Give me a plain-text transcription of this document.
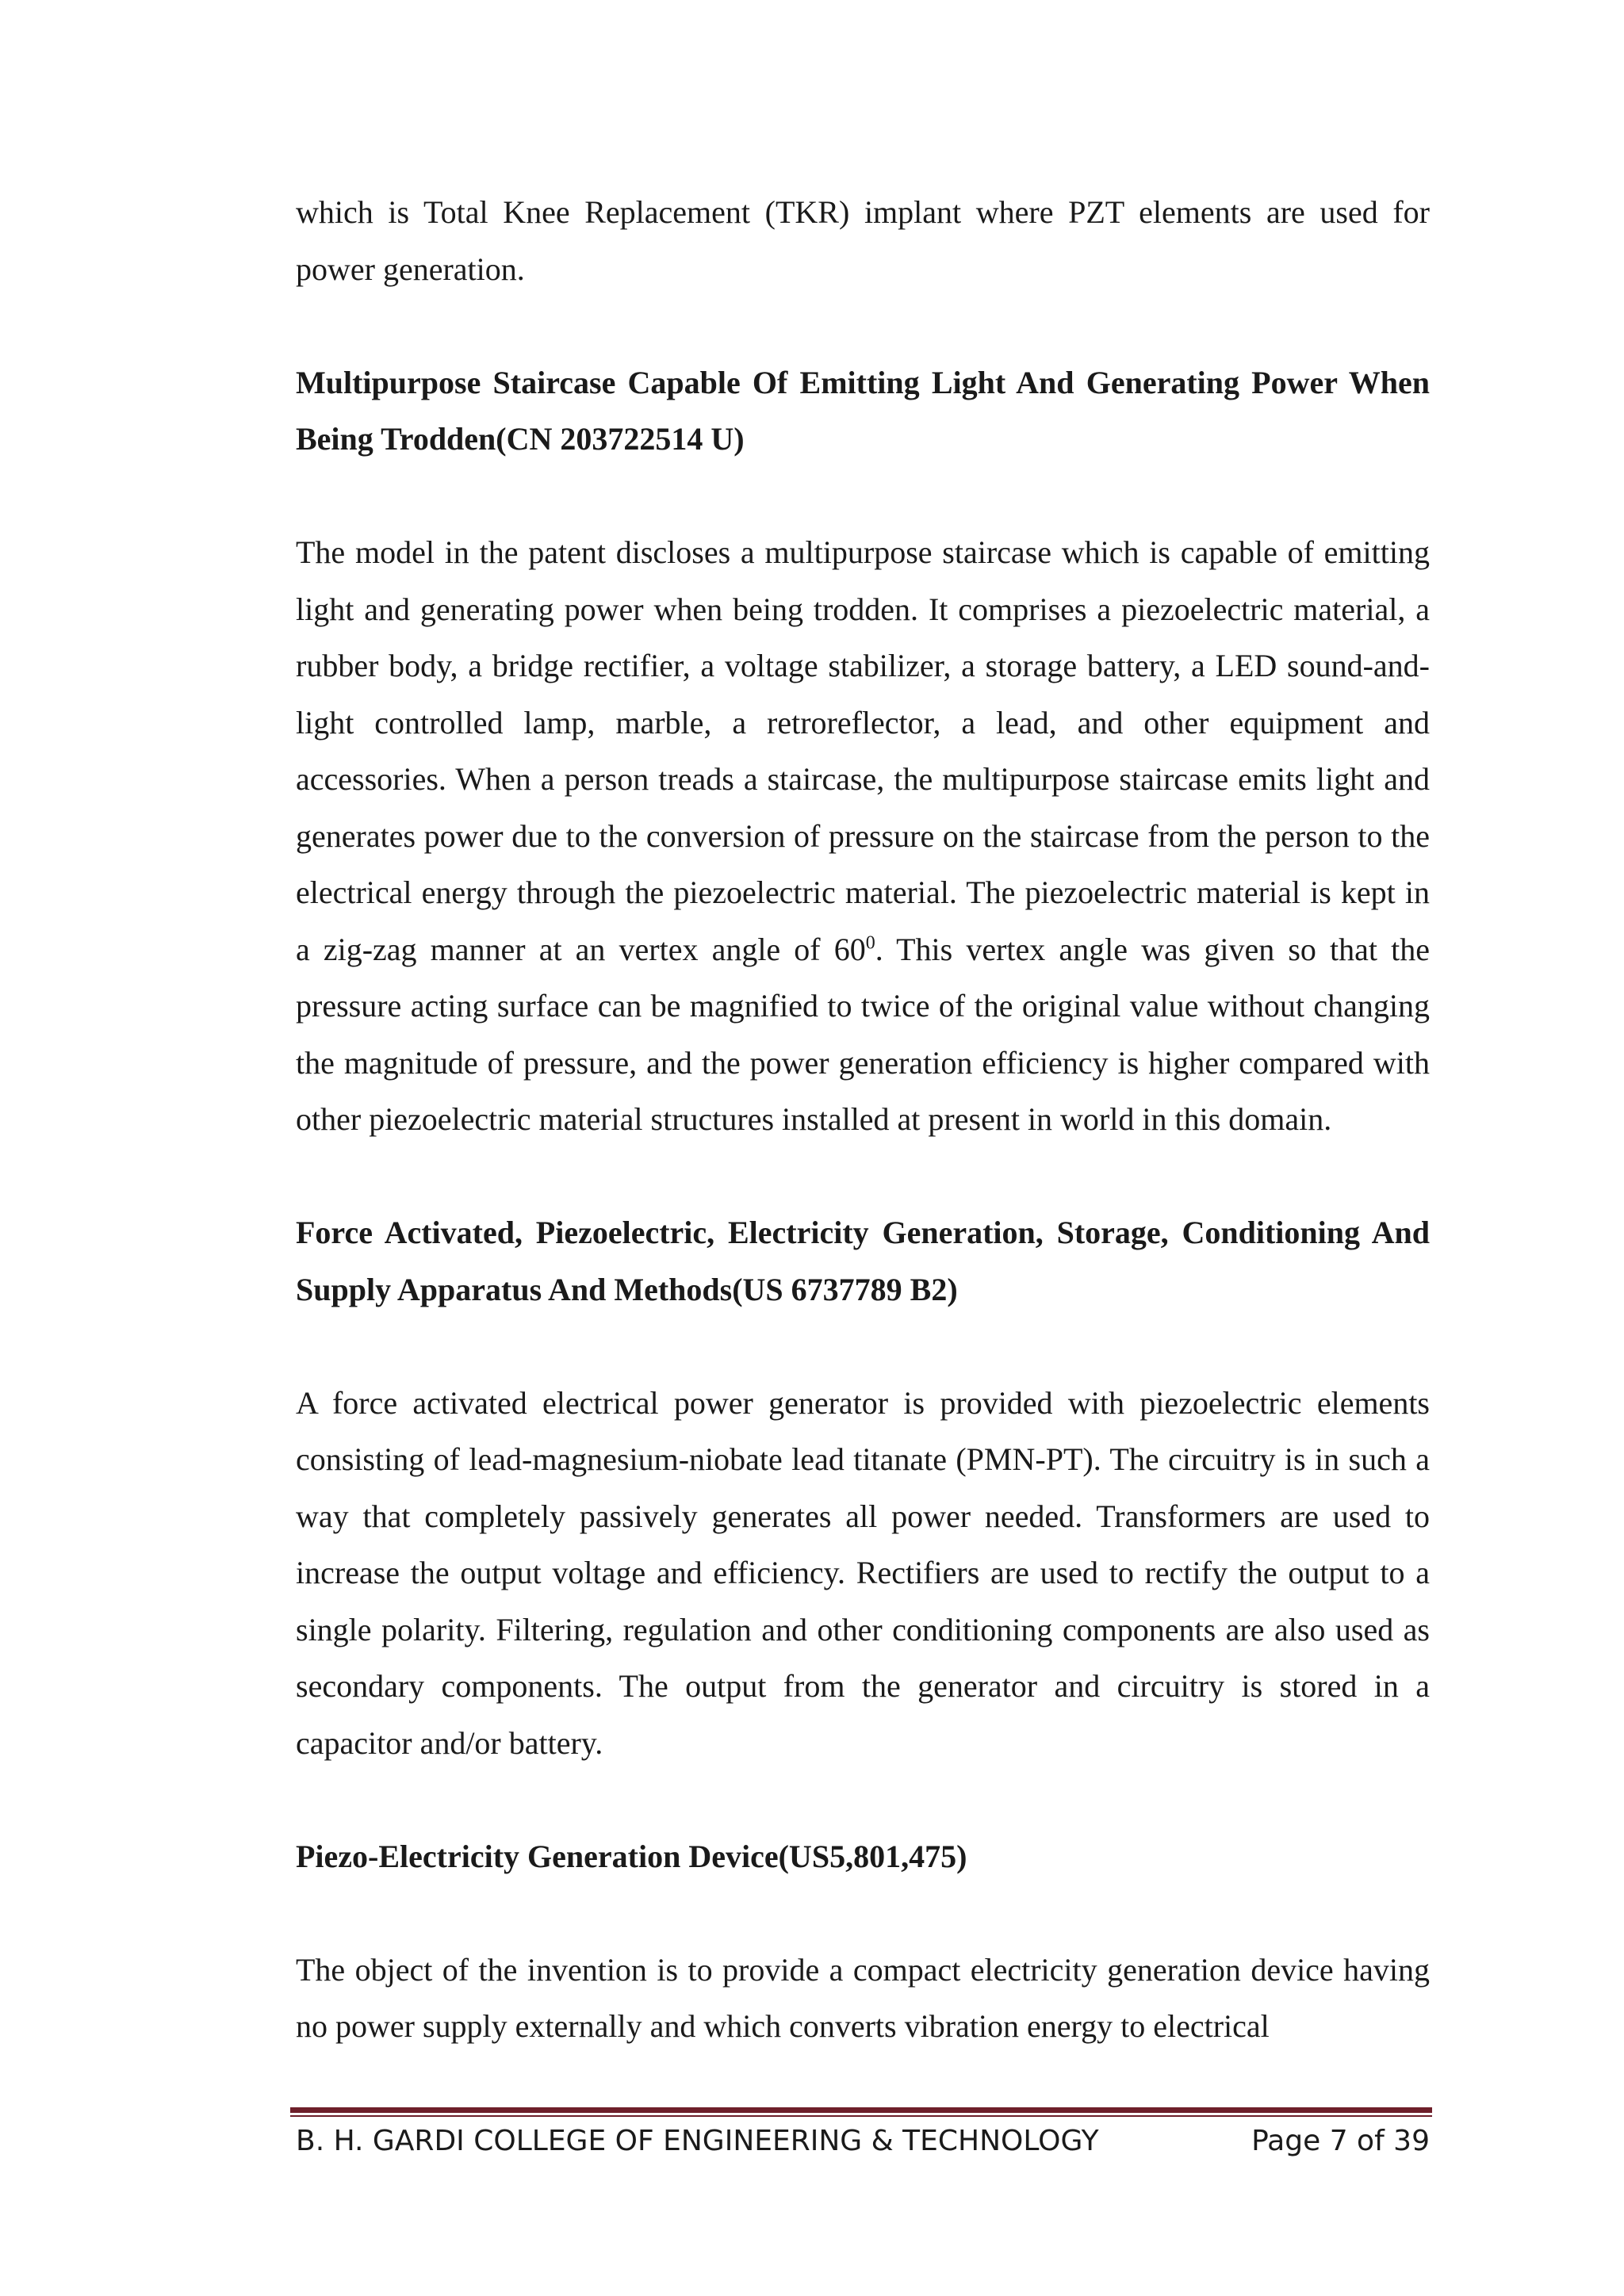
which is Total Knee Replacement (TKR) implant where PZT elements are used for power generation.

Multipurpose Staircase Capable Of Emitting Light And Generating Power When Being Trodden(CN 203722514 U)

The model in the patent discloses a multipurpose staircase which is capable of emitting light and generating power when being trodden. It comprises a piezoelectric material, a rubber body, a bridge rectifier, a voltage stabilizer, a storage battery, a LED sound-and-light controlled lamp, marble, a retroreflector, a lead, and other equipment and accessories. When a person treads a staircase, the multipurpose staircase emits light and generates power due to the conversion of pressure on the staircase from the person to the electrical energy through the piezoelectric material. The piezoelectric material is kept in a zig-zag manner at an vertex angle of $60^0$. This vertex angle was given so that the pressure acting surface can be magnified to twice of the original value without changing the magnitude of pressure, and the power generation efficiency is higher compared with other piezoelectric material structures installed at present in world in this domain.

Force Activated, Piezoelectric, Electricity Generation, Storage, Conditioning And Supply Apparatus And Methods(US 6737789 B2)

A force activated electrical power generator is provided with piezoelectric elements consisting of lead-magnesium-niobate lead titanate (PMN-PT). The circuitry is in such a way that completely passively generates all power needed. Transformers are used to increase the output voltage and efficiency. Rectifiers are used to rectify the output to a single polarity. Filtering, regulation and other conditioning components are also used as secondary components. The output from the generator and circuitry is stored in a capacitor and/or battery.

Piezo-Electricity Generation Device(US5,801,475)

The object of the invention is to provide a compact electricity generation device having no power supply externally and which converts vibration energy to electrical

B. H. GARDI COLLEGE OF ENGINEERING & TECHNOLOGY	Page 7 of 39
